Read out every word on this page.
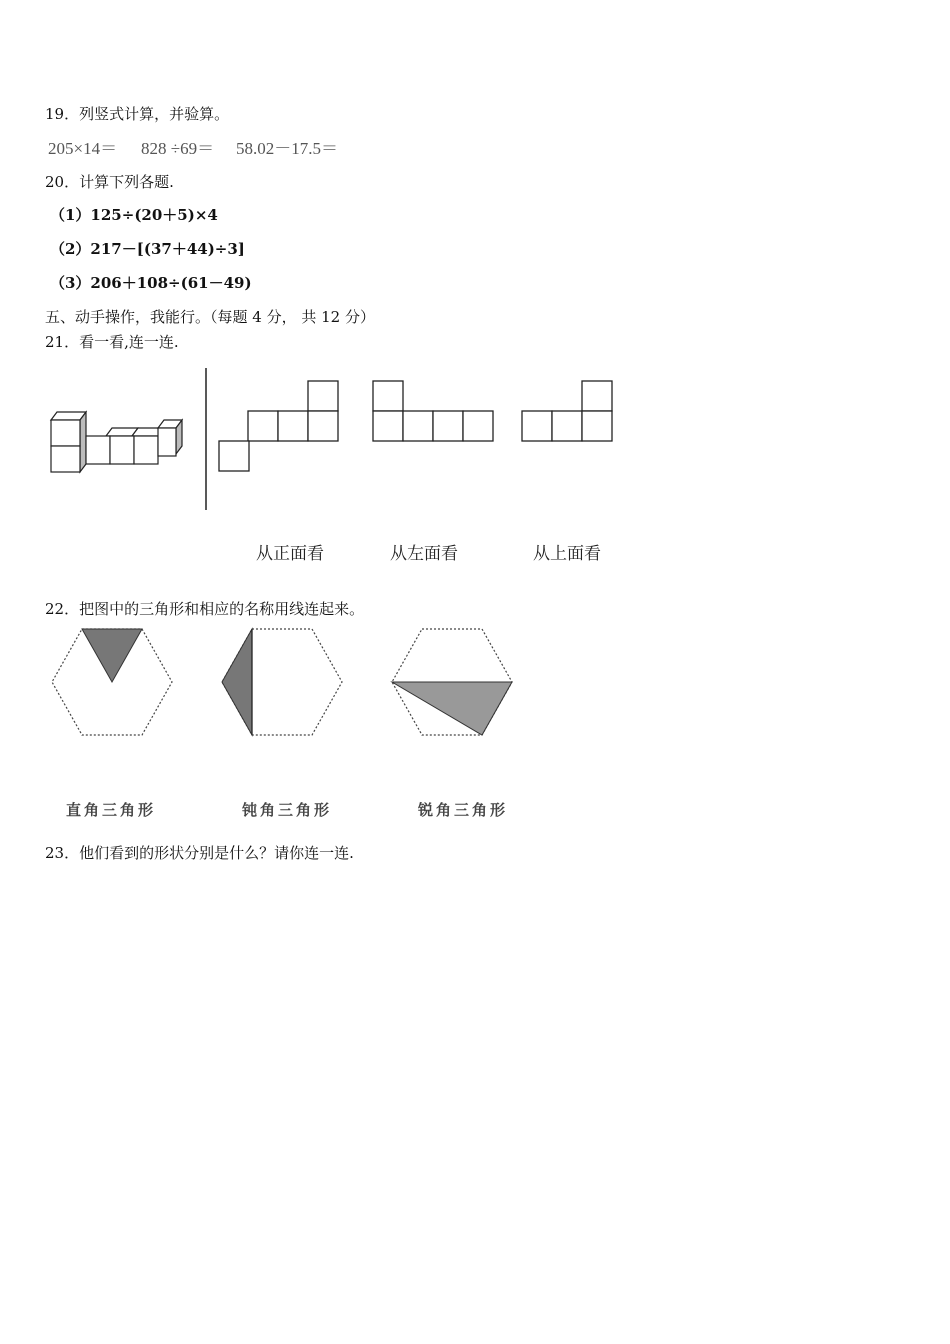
19．列竖式计算，并验算。
205×14＝ 828 ÷69＝ 58.02－17.5＝
20．计算下列各题.
（1）125÷(20＋5)×4
（2）217－[(37＋44)÷3]
（3）206＋108÷(61－49)
五、动手操作，我能行。（每题 4 分， 共 12 分）
21．看一看,连一连.
从正面看	从左面看	从上面看
22．把图中的三角形和相应的名称用线连起来。
直角三角形	钝角三角形	锐角三角形
23．他们看到的形状分别是什么？请你连一连.
